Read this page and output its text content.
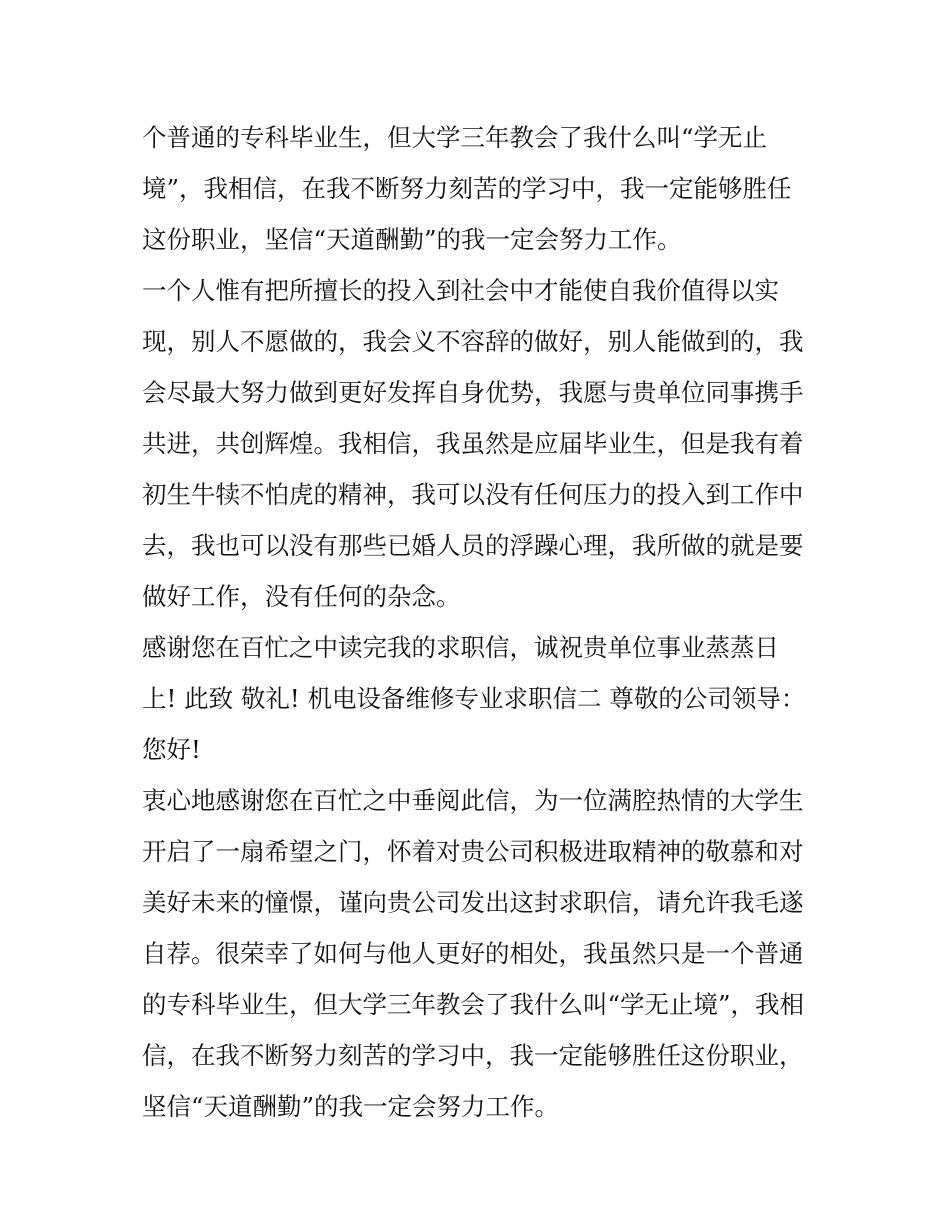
个普通的专科毕业生，但大学三年教会了我什么叫“学无止
境”，我相信，在我不断努力刻苦的学习中，我一定能够胜任
这份职业，坚信“天道酬勤”的我一定会努力工作。
一个人惟有把所擅长的投入到社会中才能使自我价值得以实
现，别人不愿做的，我会义不容辞的做好，别人能做到的，我
会尽最大努力做到更好发挥自身优势，我愿与贵单位同事携手
共进，共创辉煌。我相信，我虽然是应届毕业生，但是我有着
初生牛犊不怕虎的精神，我可以没有任何压力的投入到工作中
去，我也可以没有那些已婚人员的浮躁心理，我所做的就是要
做好工作，没有任何的杂念。
感谢您在百忙之中读完我的求职信，诚祝贵单位事业蒸蒸日
上! 此致 敬礼! 机电设备维修专业求职信二 尊敬的公司领导：
您好!
衷心地感谢您在百忙之中垂阅此信，为一位满腔热情的大学生
开启了一扇希望之门，怀着对贵公司积极进取精神的敬慕和对
美好未来的憧憬，谨向贵公司发出这封求职信，请允许我毛遂
自荐。很荣幸了如何与他人更好的相处，我虽然只是一个普通
的专科毕业生，但大学三年教会了我什么叫“学无止境”，我相
信，在我不断努力刻苦的学习中，我一定能够胜任这份职业，
坚信“天道酬勤”的我一定会努力工作。
